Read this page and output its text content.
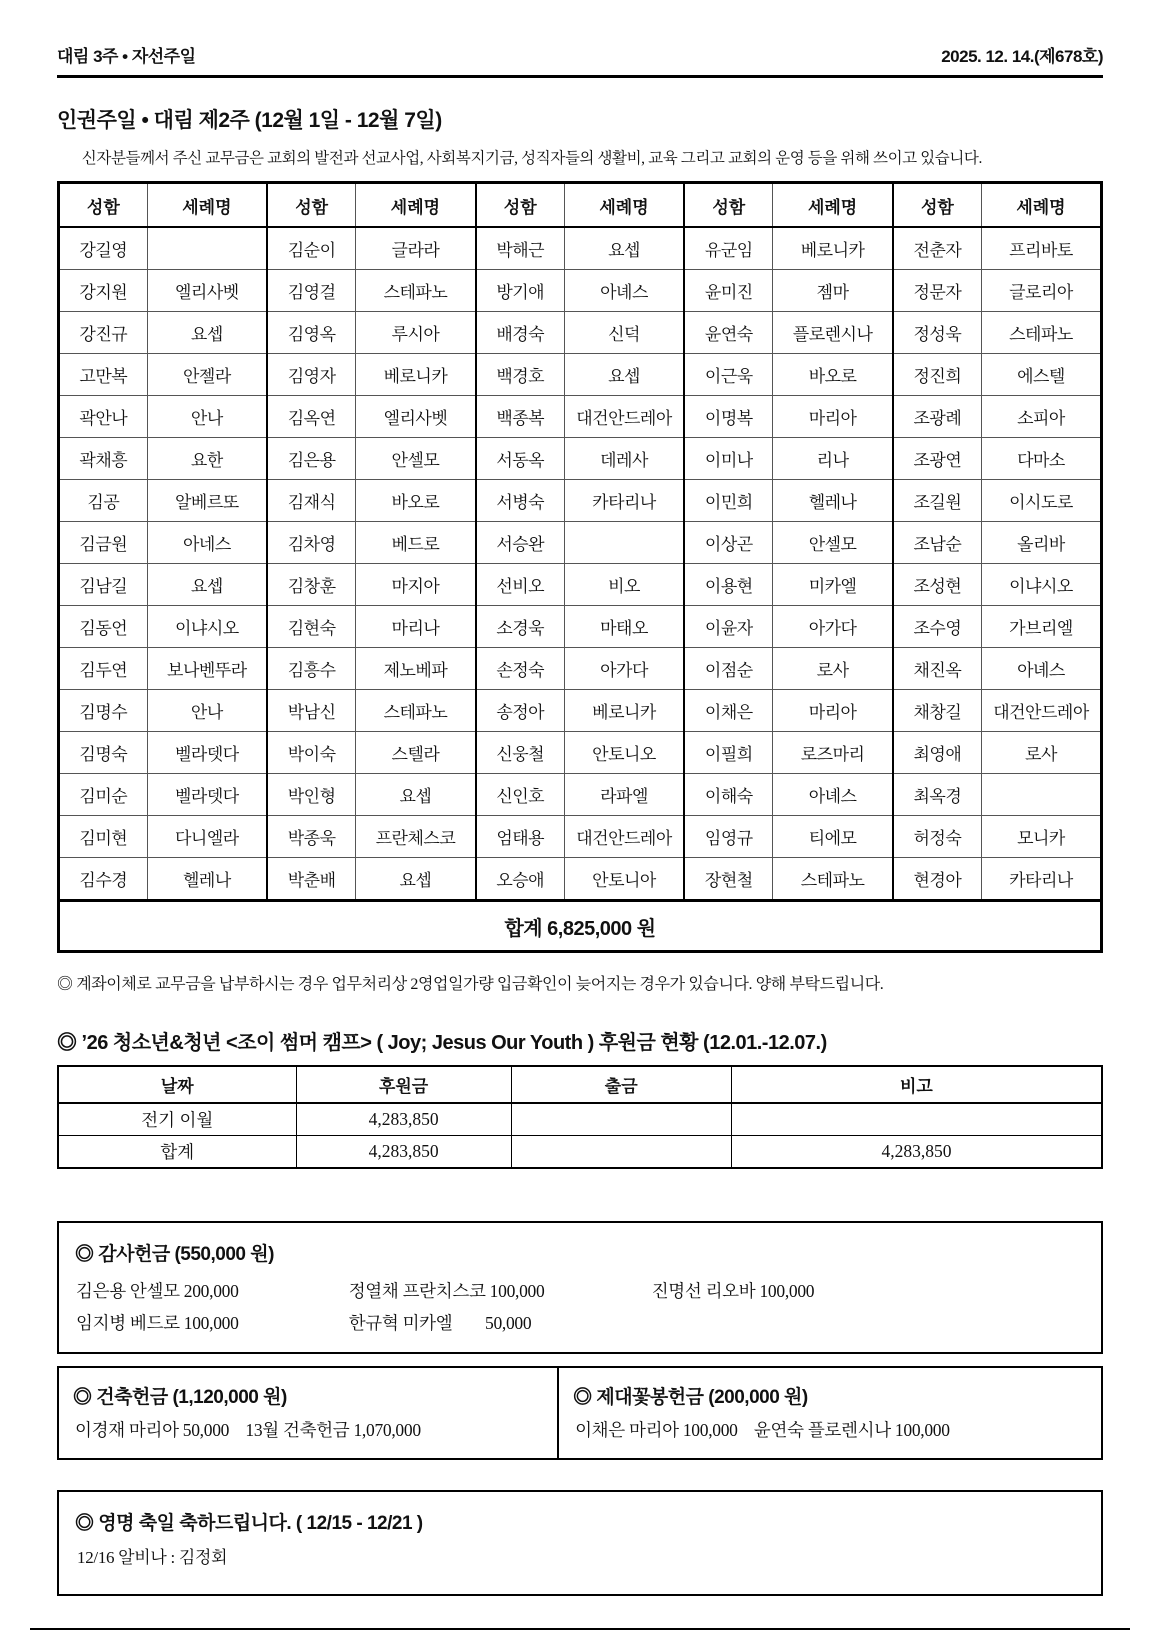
대림 3주 • 자선주일	2025. 12. 14.(제678호)
인권주일 • 대림 제2주 (12월 1일 - 12월 7일)

신자분들께서 주신 교무금은 교회의 발전과 선교사업, 사회복지기금, 성직자들의 생활비, 교육 그리고 교회의 운영 등을 위해 쓰이고 있습니다.

성함	세례명	성함	세례명	성함	세례명	성함	세례명	성함	세례명
강길영		김순이	글라라	박해근	요셉	유군임	베로니카	전춘자	프리바토
강지원	엘리사벳	김영걸	스테파노	방기애	아녜스	윤미진	젬마	정문자	글로리아
강진규	요셉	김영옥	루시아	배경숙	신덕	윤연숙	플로렌시나	정성욱	스테파노
고만복	안젤라	김영자	베로니카	백경호	요셉	이근욱	바오로	정진희	에스텔
곽안나	안나	김옥연	엘리사벳	백종복	대건안드레아	이명복	마리아	조광례	소피아
곽채흥	요한	김은용	안셀모	서동옥	데레사	이미나	리나	조광연	다마소
김공	알베르또	김재식	바오로	서병숙	카타리나	이민희	헬레나	조길원	이시도로
김금원	아네스	김차영	베드로	서승완		이상곤	안셀모	조남순	올리바
김남길	요셉	김창훈	마지아	선비오	비오	이용현	미카엘	조성현	이냐시오
김동언	이냐시오	김현숙	마리나	소경욱	마태오	이윤자	아가다	조수영	가브리엘
김두연	보나벤뚜라	김흥수	제노베파	손정숙	아가다	이점순	로사	채진옥	아녜스
김명수	안나	박남신	스테파노	송정아	베로니카	이채은	마리아	채창길	대건안드레아
김명숙	벨라뎃다	박이숙	스텔라	신웅철	안토니오	이필희	로즈마리	최영애	로사
김미순	벨라뎃다	박인형	요셉	신인호	라파엘	이해숙	아녜스	최옥경	
김미현	다니엘라	박종욱	프란체스코	엄태용	대건안드레아	임영규	티에모	허정숙	모니카
김수경	헬레나	박춘배	요셉	오승애	안토니아	장현철	스테파노	현경아	카타리나
합계 6,825,000 원									

◎ 계좌이체로 교무금을 납부하시는 경우 업무처리상 2영업일가량 입금확인이 늦어지는 경우가 있습니다. 양해 부탁드립니다.

◎ ’26 청소년&청년 <조이 썸머 캠프> ( Joy; Jesus Our Youth ) 후원금 현황 (12.01.-12.07.)
날짜	후원금	출금	비고
전기 이월	4,283,850		
합계	4,283,850		4,283,850
◎ 감사헌금 (550,000 원)
김은용 안셀모 200,000	정열채 프란치스코 100,000	진명선 리오바 100,000
임지병 베드로 100,000	한규혁 미카엘        50,000	
◎ 건축헌금 (1,120,000 원)
이경재 마리아 50,000    13월 건축헌금 1,070,000
◎ 제대꽃봉헌금 (200,000 원)
이채은 마리아 100,000    윤연숙 플로렌시나 100,000
◎ 영명 축일 축하드립니다. ( 12/15 - 12/21 )
12/16 알비나 : 김정회
